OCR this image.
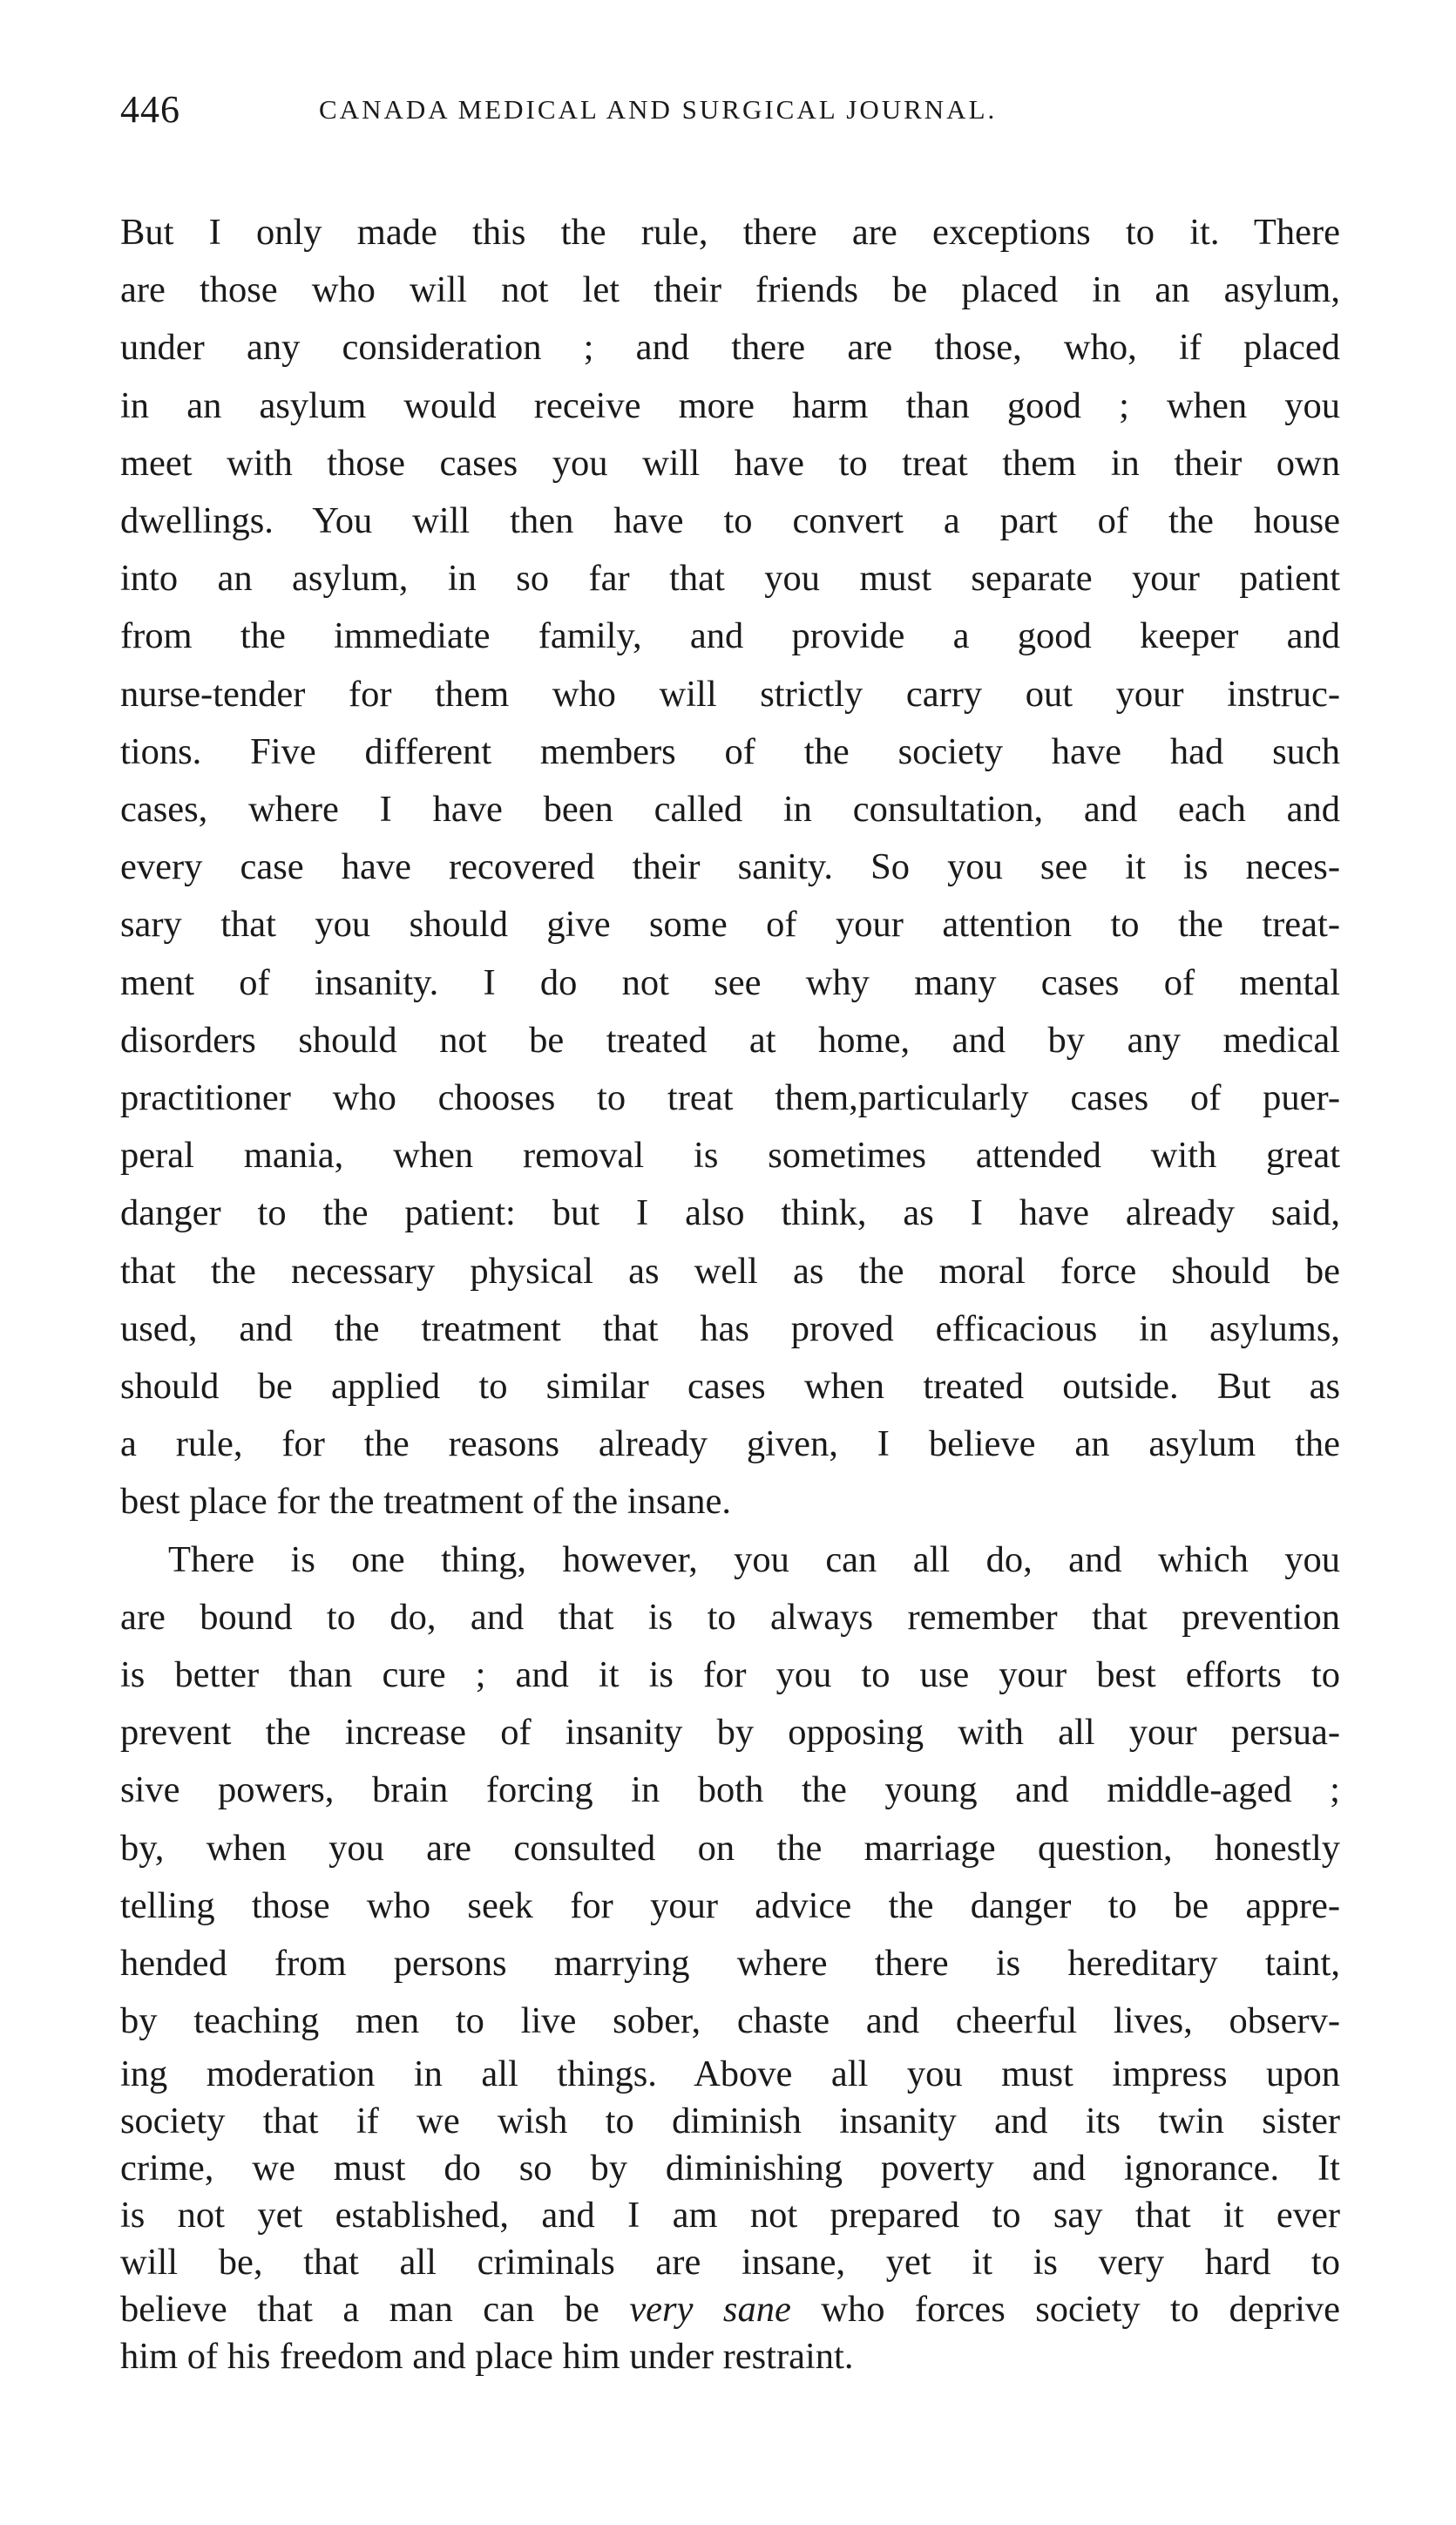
446	CANADA MEDICAL AND SURGICAL JOURNAL.

But I only made this the rule, there are exceptions to it. There
are those who will not let their friends be placed in an asylum,
under any consideration ; and there are those, who, if placed
in an asylum would receive more harm than good ; when you
meet with those cases you will have to treat them in their own
dwellings. You will then have to convert a part of the house
into an asylum, in so far that you must separate your patient
from the immediate family, and provide a good keeper and
nurse-tender for them who will strictly carry out your instruc-
tions. Five different members of the society have had such
cases, where I have been called in consultation, and each and
every case have recovered their sanity. So you see it is neces-
sary that you should give some of your attention to the treat-
ment of insanity. I do not see why many cases of mental
disorders should not be treated at home, and by any medical
practitioner who chooses to treat them,particularly cases of puer-
peral mania, when removal is sometimes attended with great
danger to the patient: but I also think, as I have already said,
that the necessary physical as well as the moral force should be
used, and the treatment that has proved efficacious in asylums,
should be applied to similar cases when treated outside. But as
a rule, for the reasons already given, I believe an asylum the
best place for the treatment of the insane.

There is one thing, however, you can all do, and which you
are bound to do, and that is to always remember that prevention
is better than cure ; and it is for you to use your best efforts to
prevent the increase of insanity by opposing with all your persua-
sive powers, brain forcing in both the young and middle-aged ;
by, when you are consulted on the marriage question, honestly
telling those who seek for your advice the danger to be appre-
hended from persons marrying where there is hereditary taint,
by teaching men to live sober, chaste and cheerful lives, observ-
ing moderation in all things. Above all you must impress upon
society that if we wish to diminish insanity and its twin sister
crime, we must do so by diminishing poverty and ignorance. It
is not yet established, and I am not prepared to say that it ever
will be, that all criminals are insane, yet it is very hard to
believe that a man can be very sane who forces society to deprive
him of his freedom and place him under restraint.
